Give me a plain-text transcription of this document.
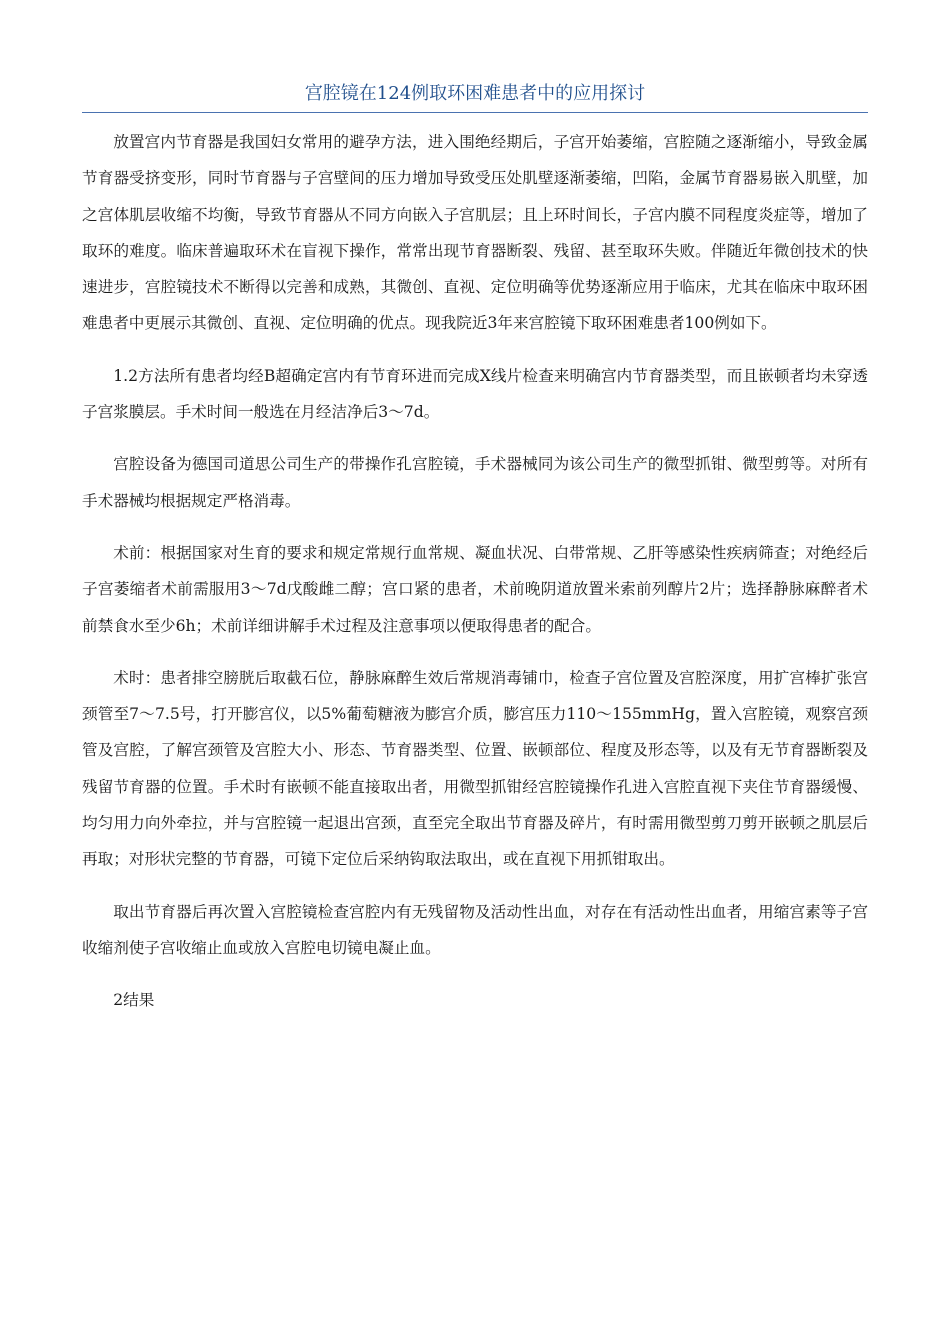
宫腔镜在124例取环困难患者中的应用探讨

放置宫内节育器是我国妇女常用的避孕方法，进入围绝经期后，子宫开始萎缩，宫腔随之逐渐缩小，导致金属节育器受挤变形，同时节育器与子宫壁间的压力增加导致受压处肌壁逐渐萎缩，凹陷，金属节育器易嵌入肌壁，加之宫体肌层收缩不均衡，导致节育器从不同方向嵌入子宫肌层；且上环时间长，子宫内膜不同程度炎症等，增加了取环的难度。临床普遍取环术在盲视下操作，常常出现节育器断裂、残留、甚至取环失败。伴随近年微创技术的快速进步，宫腔镜技术不断得以完善和成熟，其微创、直视、定位明确等优势逐渐应用于临床，尤其在临床中取环困难患者中更展示其微创、直视、定位明确的优点。现我院近3年来宫腔镜下取环困难患者100例如下。

1.2方法所有患者均经B超确定宫内有节育环进而完成X线片检查来明确宫内节育器类型，而且嵌顿者均未穿透子宫浆膜层。手术时间一般选在月经洁净后3～7d。

宫腔设备为德国司道思公司生产的带操作孔宫腔镜，手术器械同为该公司生产的微型抓钳、微型剪等。对所有手术器械均根据规定严格消毒。

术前：根据国家对生育的要求和规定常规行血常规、凝血状况、白带常规、乙肝等感染性疾病筛查；对绝经后子宫萎缩者术前需服用3～7d戊酸雌二醇；宫口紧的患者，术前晚阴道放置米索前列醇片2片；选择静脉麻醉者术前禁食水至少6h；术前详细讲解手术过程及注意事项以便取得患者的配合。

术时：患者排空膀胱后取截石位，静脉麻醉生效后常规消毒铺巾，检查子宫位置及宫腔深度，用扩宫棒扩张宫颈管至7～7.5号，打开膨宫仪，以5%葡萄糖液为膨宫介质，膨宫压力110～155mmHg，置入宫腔镜，观察宫颈管及宫腔，了解宫颈管及宫腔大小、形态、节育器类型、位置、嵌顿部位、程度及形态等，以及有无节育器断裂及残留节育器的位置。手术时有嵌顿不能直接取出者，用微型抓钳经宫腔镜操作孔进入宫腔直视下夹住节育器缓慢、均匀用力向外牵拉，并与宫腔镜一起退出宫颈，直至完全取出节育器及碎片，有时需用微型剪刀剪开嵌顿之肌层后再取；对形状完整的节育器，可镜下定位后采纳钩取法取出，或在直视下用抓钳取出。

取出节育器后再次置入宫腔镜检查宫腔内有无残留物及活动性出血，对存在有活动性出血者，用缩宫素等子宫收缩剂使子宫收缩止血或放入宫腔电切镜电凝止血。

2结果
